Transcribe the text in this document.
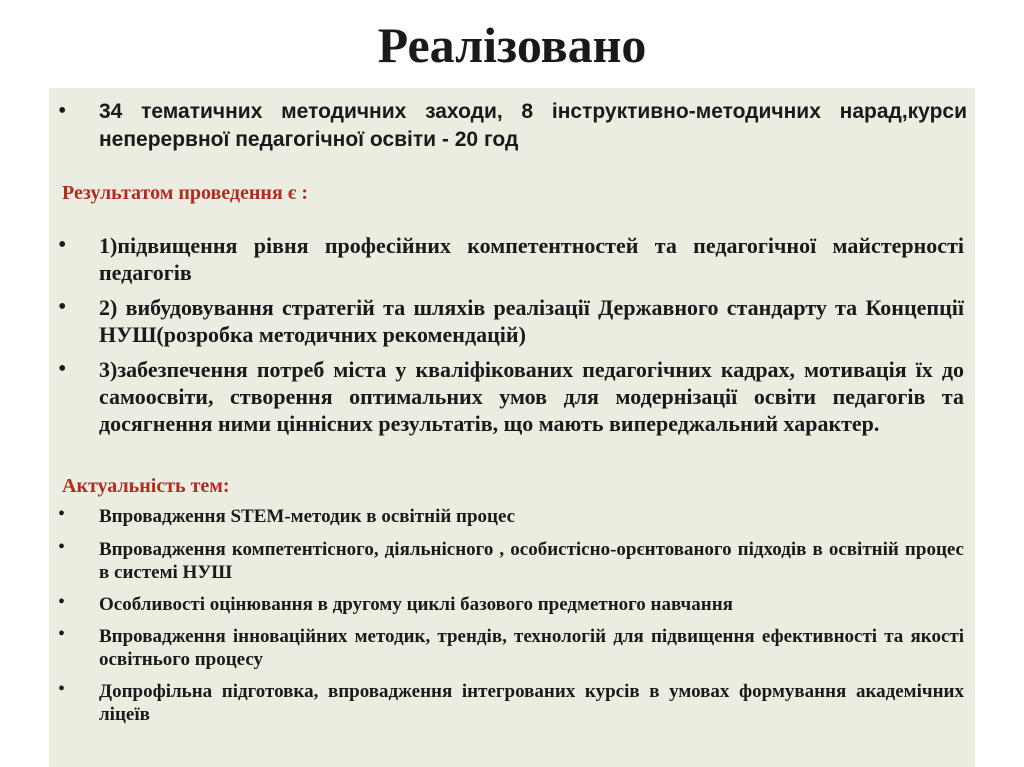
Реалізовано
• 34 тематичних методичних заходи, 8 інструктивно-методичних нарад,курси неперервної педагогічної освіти - 20 год
Результатом проведення є :
• 1)підвищення рівня професійних компетентностей та педагогічної майстерності педагогів
• 2) вибудовування стратегій та шляхів реалізації Державного стандарту та Концепції НУШ(розробка методичних рекомендацій)
• 3)забезпечення потреб міста у кваліфікованих педагогічних кадрах, мотивація їх до самоосвіти, створення оптимальних умов для модернізації освіти педагогів та досягнення ними ціннісних результатів, що мають випереджальний характер.
Актуальність тем:
• Впровадження STEM-методик в освітній процес
• Впровадження компетентісного, діяльнісного , особистісно-орєнтованого підходів в освітній процес в системі НУШ
• Особливості оцінювання в другому циклі базового предметного навчання
• Впровадження інноваційних методик, трендів, технологій для підвищення ефективності та якості освітнього процесу
• Допрофільна підготовка, впровадження інтегрованих курсів в умовах формування академічних ліцеїв
